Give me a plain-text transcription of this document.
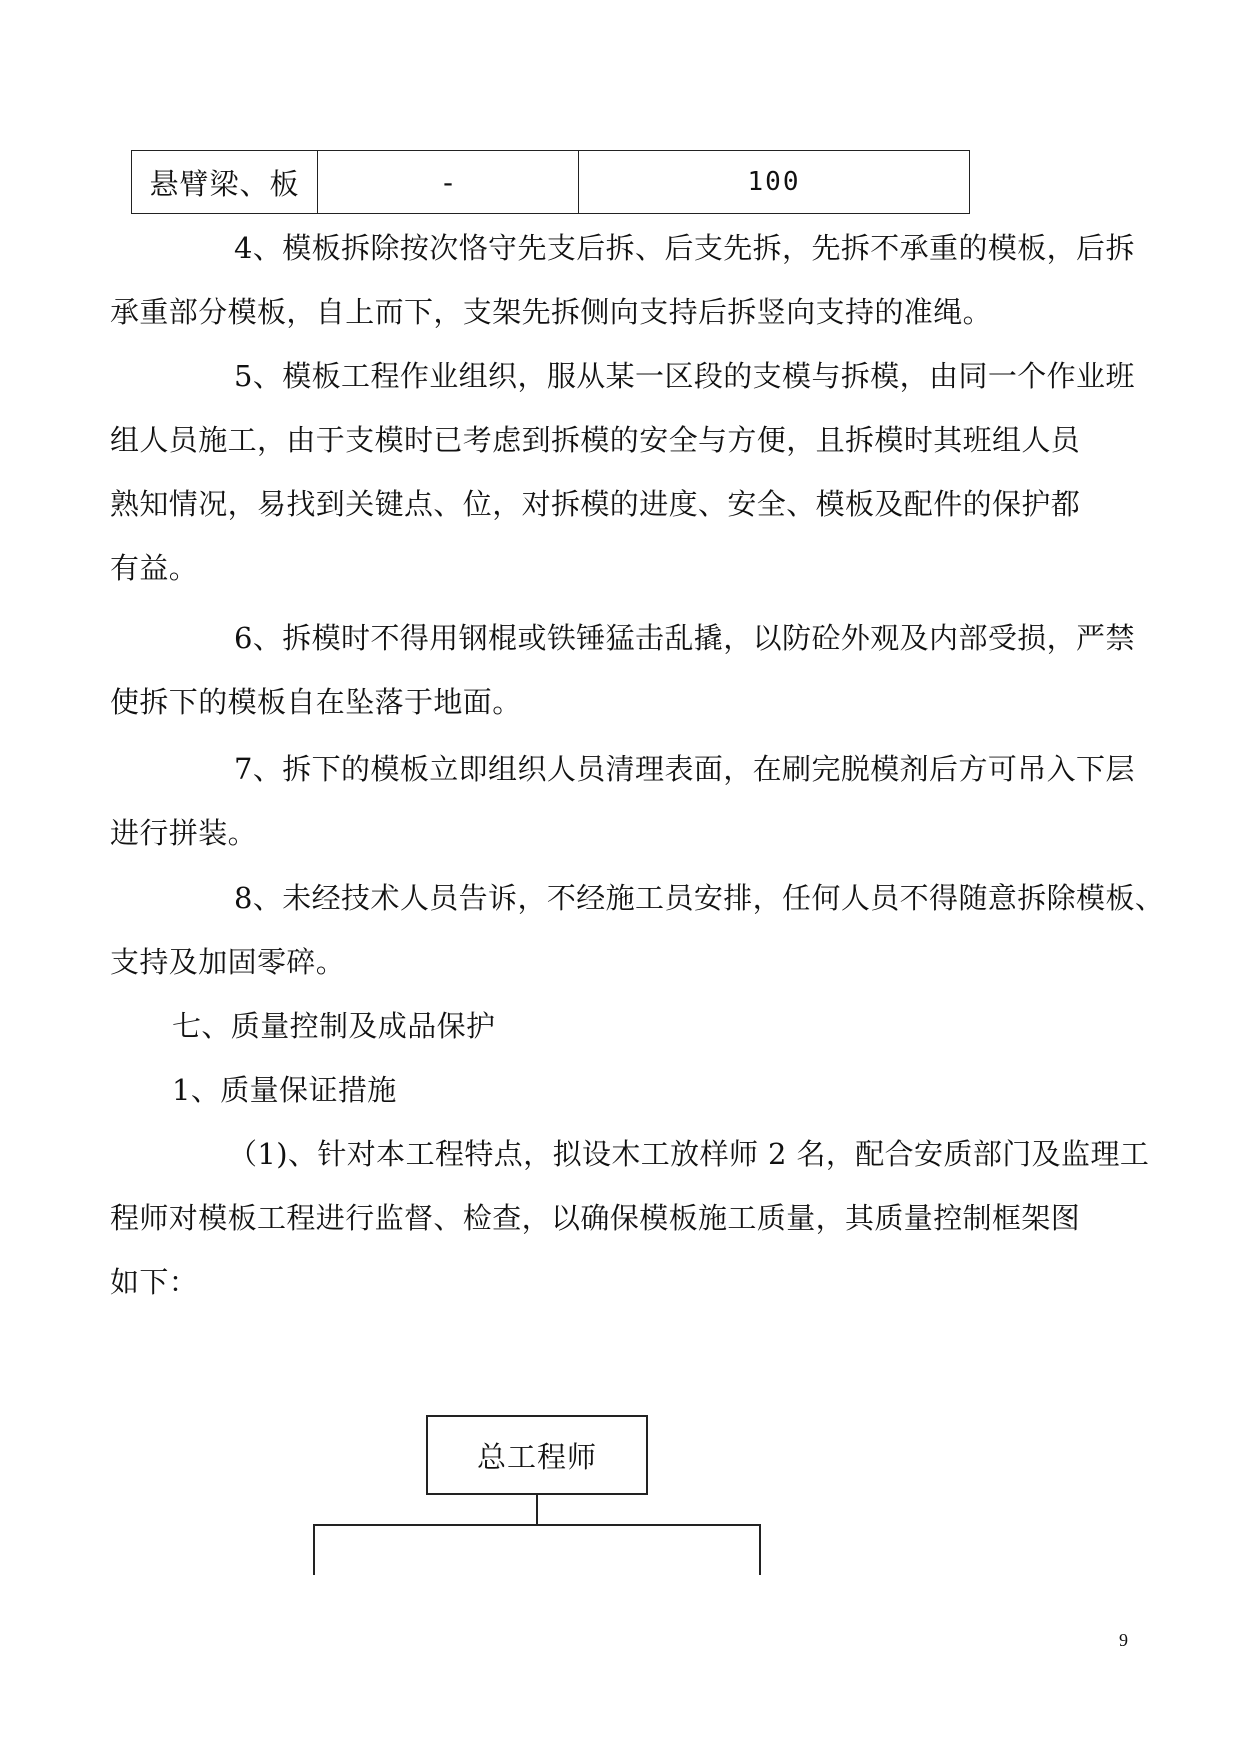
悬臂梁、板	-	100

4、模板拆除按次恪守先支后拆、后支先拆，先拆不承重的模板，后拆
承重部分模板，自上而下，支架先拆侧向支持后拆竖向支持的准绳。

5、模板工程作业组织，服从某一区段的支模与拆模，由同一个作业班
组人员施工，由于支模时已考虑到拆模的安全与方便，且拆模时其班组人员
熟知情况，易找到关键点、位，对拆模的进度、安全、模板及配件的保护都
有益。

6、拆模时不得用钢棍或铁锤猛击乱撬，以防砼外观及内部受损，严禁
使拆下的模板自在坠落于地面。

7、拆下的模板立即组织人员清理表面，在刷完脱模剂后方可吊入下层
进行拼装。

8、未经技术人员告诉，不经施工员安排，任何人员不得随意拆除模板、
支持及加固零碎。

七、质量控制及成品保护

1、质量保证措施

（1)、针对本工程特点，拟设木工放样师 2 名，配合安质部门及监理工
程师对模板工程进行监督、检查，以确保模板施工质量，其质量控制框架图
如下：

总工程师
9
